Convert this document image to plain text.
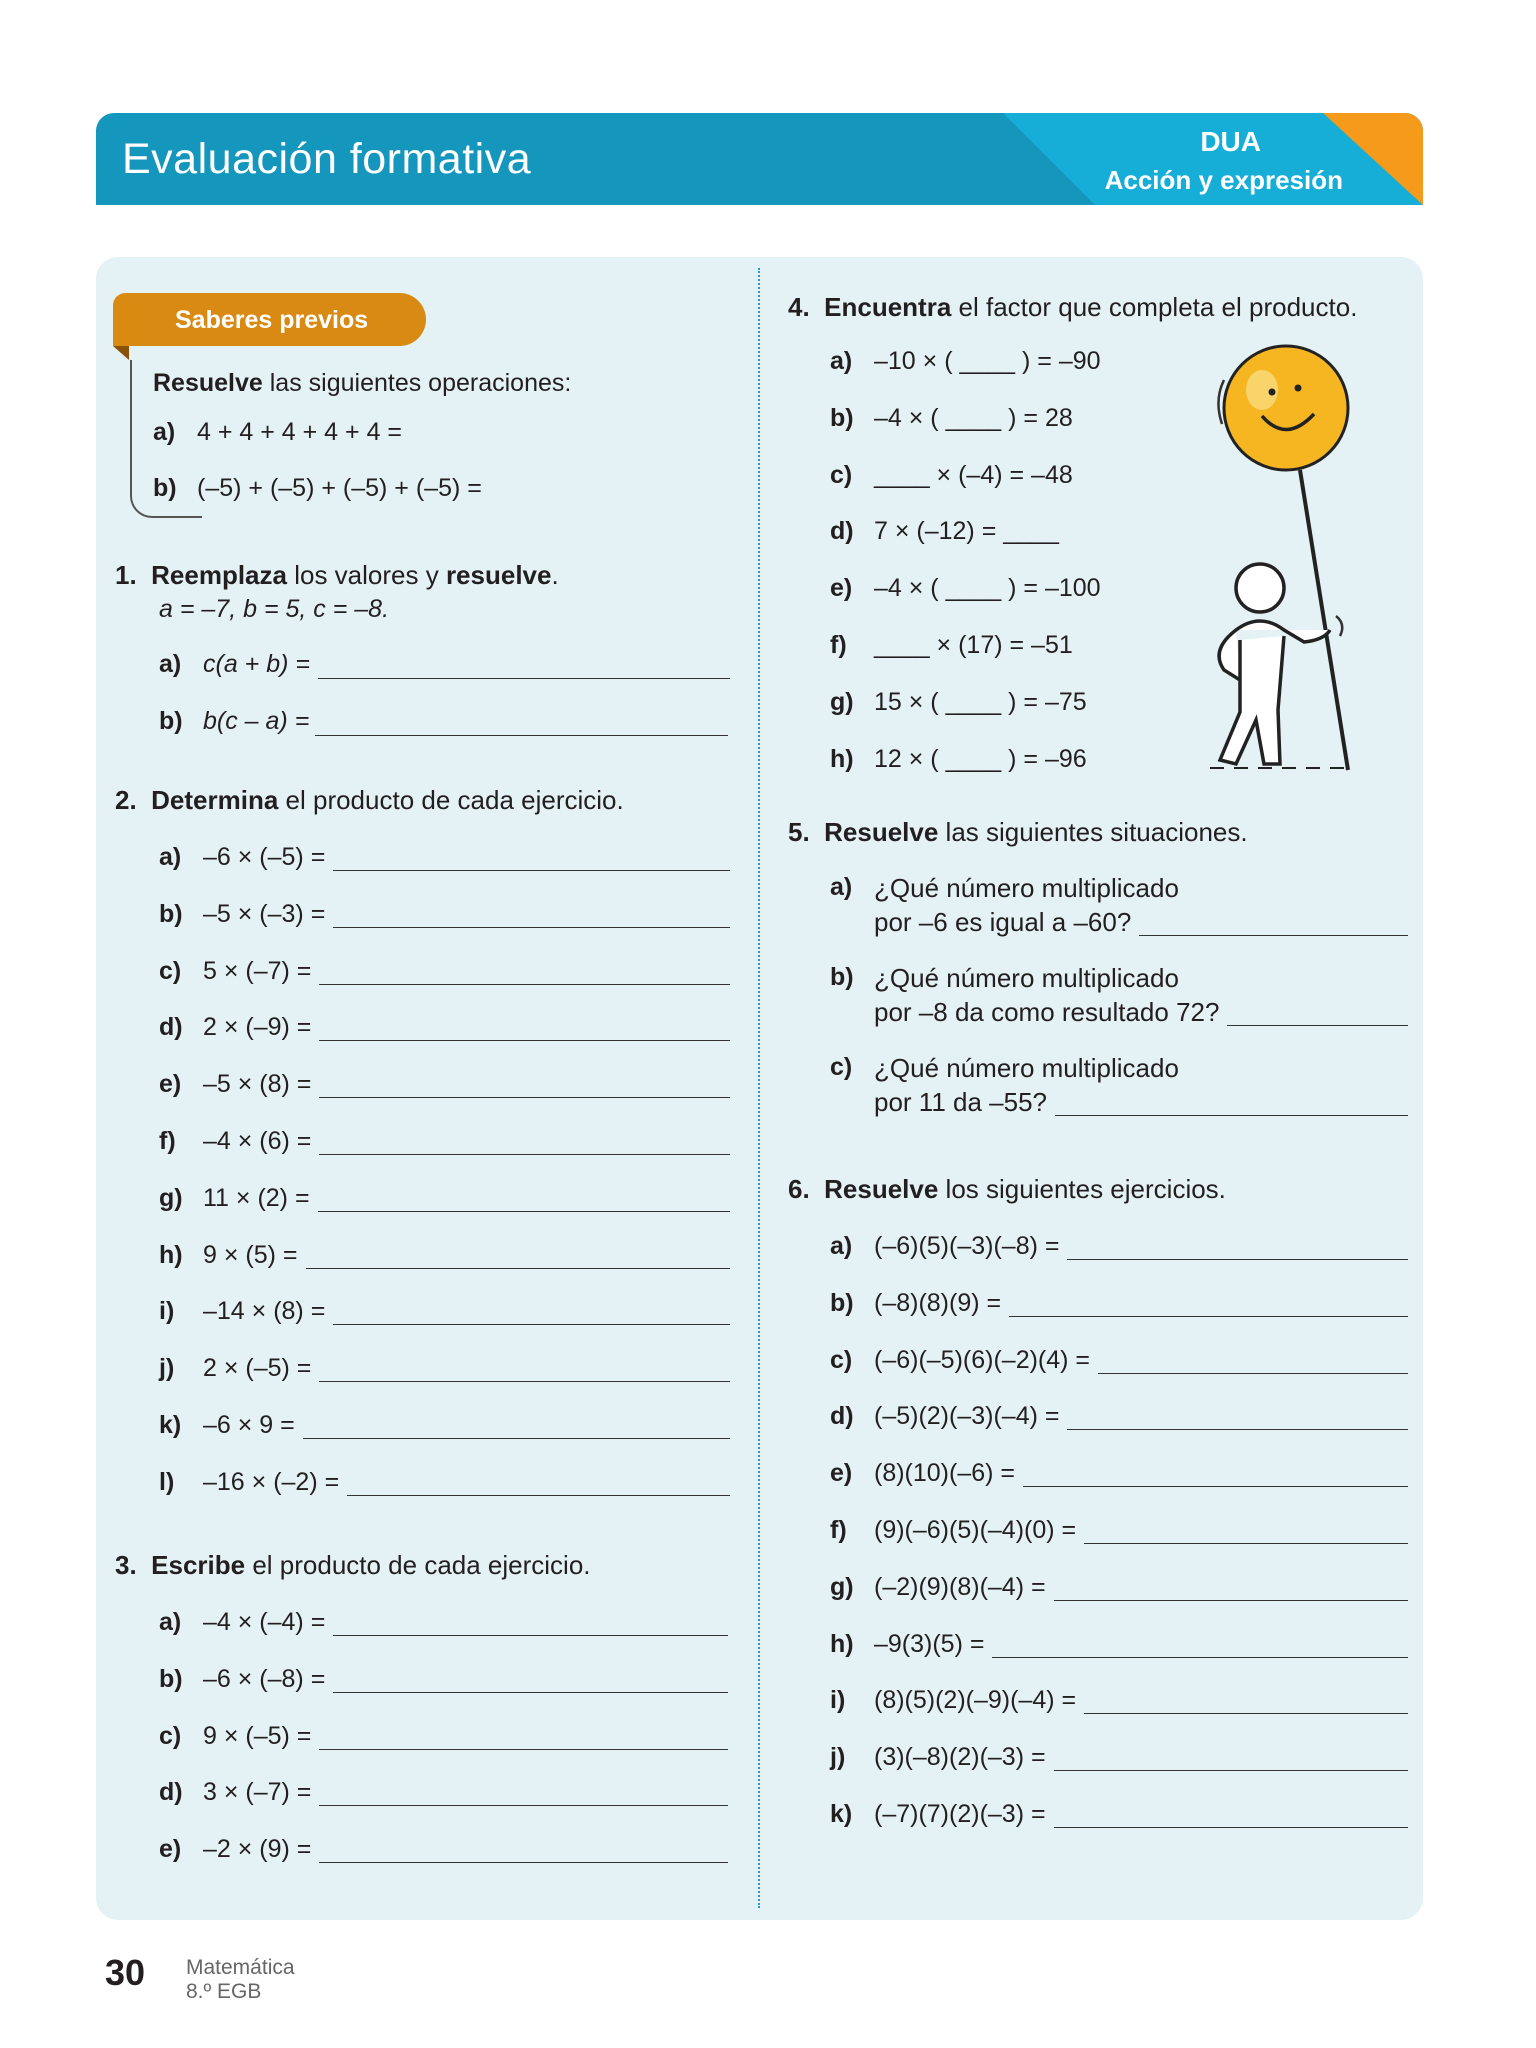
Evaluación formativa	DUA
Acción y expresión
Saberes previos
Resuelve las siguientes operaciones:
a) 4 + 4 + 4 + 4 + 4 =
b) (–5) + (–5) + (–5) + (–5) =
1. Reemplaza los valores y resuelve.
a = –7, b = 5, c = –8.
a) c(a + b) =
b) b(c – a) =
2. Determina el producto de cada ejercicio.
a) –6 × (–5) =
b) –5 × (–3) =
c) 5 × (–7) =
d) 2 × (–9) =
e) –5 × (8) =
f) –4 × (6) =
g) 11 × (2) =
h) 9 × (5) =
i) –14 × (8) =
j) 2 × (–5) =
k) –6 × 9 =
l) –16 × (–2) =
3. Escribe el producto de cada ejercicio.
a) –4 × (–4) =
b) –6 × (–8) =
c) 9 × (–5) =
d) 3 × (–7) =
e) –2 × (9) =
4. Encuentra el factor que completa el producto.
a) –10 × ( ____ ) = –90
b) –4 × ( ____ ) = 28
c) ____ × (–4) = –48
d) 7 × (–12) = ____
e) –4 × ( ____ ) = –100
f) ____ × (17) = –51
g) 15 × ( ____ ) = –75
h) 12 × ( ____ ) = –96
5. Resuelve las siguientes situaciones.
a) ¿Qué número multiplicado
por –6 es igual a –60?
b) ¿Qué número multiplicado
por –8 da como resultado 72?
c) ¿Qué número multiplicado
por 11 da –55?
6. Resuelve los siguientes ejercicios.
a) (–6)(5)(–3)(–8) =
b) (–8)(8)(9) =
c) (–6)(–5)(6)(–2)(4) =
d) (–5)(2)(–3)(–4) =
e) (8)(10)(–6) =
f) (9)(–6)(5)(–4)(0) =
g) (–2)(9)(8)(–4) =
h) –9(3)(5) =
i) (8)(5)(2)(–9)(–4) =
j) (3)(–8)(2)(–3) =
k) (–7)(7)(2)(–3) =
30 Matemática
8.º EGB
